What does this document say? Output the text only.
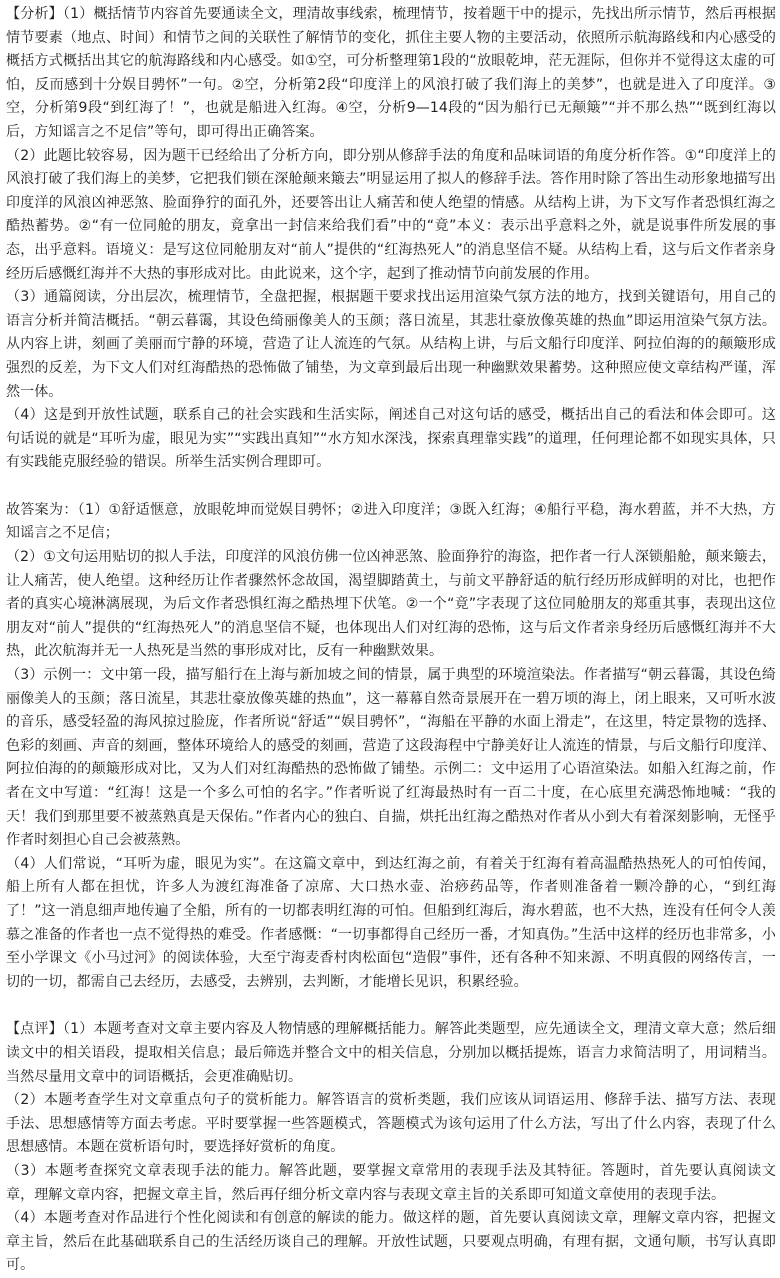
【分析】（1）概括情节内容首先要通读全文，理清故事线索，梳理情节，按着题干中的提示，先找出所示情节，然后再根据情节要素（地点、时间）和情节之间的关联性了解情节的变化，抓住主要人物的主要活动，依照所示航海路线和内心感受的概括方式概括出其它的航海路线和内心感受。如①空，可分析整理第1段的“放眼乾坤，茫无涯际，但你并不觉得这太虚的可怕，反而感到十分娱目骋怀”一句。②空，分析第2段“印度洋上的风浪打破了我们海上的美梦”，也就是进入了印度洋。③空，分析第9段“到红海了！”，也就是船进入红海。④空，分析9—14段的“因为船行已无颠簸”“并不那么热”“既到红海以后，方知谣言之不足信”等句，即可得出正确答案。

（2）此题比较容易，因为题干已经给出了分析方向，即分别从修辞手法的角度和品味词语的角度分析作答。①“印度洋上的风浪打破了我们海上的美梦，它把我们锁在深舱颠来簸去”明显运用了拟人的修辞手法。答作用时除了答出生动形象地描写出印度洋的风浪凶神恶煞、脸面狰狞的面孔外，还要答出让人痛苦和使人绝望的情感。从结构上讲，为下文写作者恐惧红海之酷热蓄势。②“有一位同舱的朋友，竟拿出一封信来给我们看”中的“竟”本义：表示出乎意料之外，就是说事件所发展的事态，出乎意料。语境义：是写这位同舱朋友对“前人”提供的“红海热死人”的消息坚信不疑。从结构上看，这与后文作者亲身经历后感慨红海并不大热的事形成对比。由此说来，这个字，起到了推动情节向前发展的作用。

（3）通篇阅读，分出层次，梳理情节，全盘把握，根据题干要求找出运用渲染气氛方法的地方，找到关键语句，用自己的语言分析并简洁概括。“朝云暮霭，其设色绮丽像美人的玉颜；落日流星，其悲壮豪放像英雄的热血”即运用渲染气氛方法。从内容上讲，刻画了美丽而宁静的环境，营造了让人流连的气氛。从结构上讲，与后文船行印度洋、阿拉伯海的的颠簸形成强烈的反差，为下文人们对红海酷热的恐怖做了铺垫，为文章到最后出现一种幽默效果蓄势。这种照应使文章结构严谨，浑然一体。

（4）这是到开放性试题，联系自己的社会实践和生活实际，阐述自己对这句话的感受，概括出自己的看法和体会即可。这句话说的就是“耳听为虚，眼见为实”“实践出真知”“水方知水深浅，探索真理靠实践”的道理，任何理论都不如现实具体，只有实践能克服经验的错误。所举生活实例合理即可。

故答案为：（1）①舒适惬意，放眼乾坤而觉娱目骋怀；②进入印度洋；③既入红海；④船行平稳，海水碧蓝，并不大热，方知谣言之不足信；

（2）①文句运用贴切的拟人手法，印度洋的风浪仿佛一位凶神恶煞、脸面狰狞的海盗，把作者一行人深锁船舱，颠来簸去，让人痛苦，使人绝望。这种经历让作者骤然怀念故国，渴望脚踏黄土，与前文平静舒适的航行经历形成鲜明的对比，也把作者的真实心境淋漓展现，为后文作者恐惧红海之酷热埋下伏笔。②一个“竟”字表现了这位同舱朋友的郑重其事，表现出这位朋友对“前人”提供的“红海热死人”的消息坚信不疑，也体现出人们对红海的恐怖，这与后文作者亲身经历后感慨红海并不大热，此次航海并无一人热死是当然的事形成对比，反有一种幽默效果。

（3）示例一：文中第一段，描写船行在上海与新加坡之间的情景，属于典型的环境渲染法。作者描写“朝云暮霭，其设色绮丽像美人的玉颜；落日流星，其悲壮豪放像英雄的热血”，这一幕幕自然奇景展开在一碧万顷的海上，闭上眼来，又可听水波的音乐，感受轻盈的海风掠过脸庞，作者所说“舒适”“娱目骋怀”，“海船在平静的水面上滑走”，在这里，特定景物的选择、色彩的刻画、声音的刻画，整体环境给人的感受的刻画，营造了这段海程中宁静美好让人流连的情景，与后文船行印度洋、阿拉伯海的的颠簸形成对比，又为人们对红海酷热的恐怖做了铺垫。示例二：文中运用了心语渲染法。如船入红海之前，作者在文中写道：“红海！这是一个多么可怕的名字。”作者听说了红海最热时有一百二十度，在心底里充满恐怖地喊：“我的天！我们到那里要不被蒸熟真是天保佑。”作者内心的独白、自揣，烘托出红海之酷热对作者从小到大有着深刻影响，无怪乎作者时刻担心自己会被蒸熟。

（4）人们常说，“耳听为虚，眼见为实”。在这篇文章中，到达红海之前，有着关于红海有着高温酷热热死人的可怕传闻，船上所有人都在担忧，许多人为渡红海准备了凉席、大口热水壶、治痧药品等，作者则准备着一颗冷静的心，“到红海了！”这一消息细声地传遍了全船，所有的一切都表明红海的可怕。但船到红海后，海水碧蓝，也不大热，连没有任何令人羡慕之准备的作者也一点不觉得热的难受。作者感慨：“一切事都得自己经历一番，才知真伪。”生活中这样的经历也非常多，小至小学课文《小马过河》的阅读体验，大至宁海麦香村肉松面包“造假”事件，还有各种不知来源、不明真假的网络传言，一切的一切，都需自己去经历，去感受，去辨别，去判断，才能增长见识，积累经验。

【点评】（1）本题考查对文章主要内容及人物情感的理解概括能力。解答此类题型，应先通读全文，理清文章大意；然后细读文中的相关语段，提取相关信息；最后筛选并整合文中的相关信息，分别加以概括提炼，语言力求简洁明了，用词精当。当然尽量用文章中的词语概括，会更准确贴切。

（2）本题考查学生对文章重点句子的赏析能力。解答语言的赏析类题，我们应该从词语运用、修辞手法、描写方法、表现手法、思想感情等方面去考虑。平时要掌握一些答题模式，答题模式为该句运用了什么方法，写出了什么内容，表现了什么思想感情。本题在赏析语句时，要选择好赏析的角度。

（3）本题考查探究文章表现手法的能力。解答此题，要掌握文章常用的表现手法及其特征。答题时，首先要认真阅读文章，理解文章内容，把握文章主旨，然后再仔细分析文章内容与表现文章主旨的关系即可知道文章使用的表现手法。

（4）本题考查对作品进行个性化阅读和有创意的解读的能力。做这样的题，首先要认真阅读文章，理解文章内容，把握文章主旨，然后在此基础联系自己的生活经历谈自己的理解。开放性试题，只要观点明确，有理有据，文通句顺，书写认真即可。
